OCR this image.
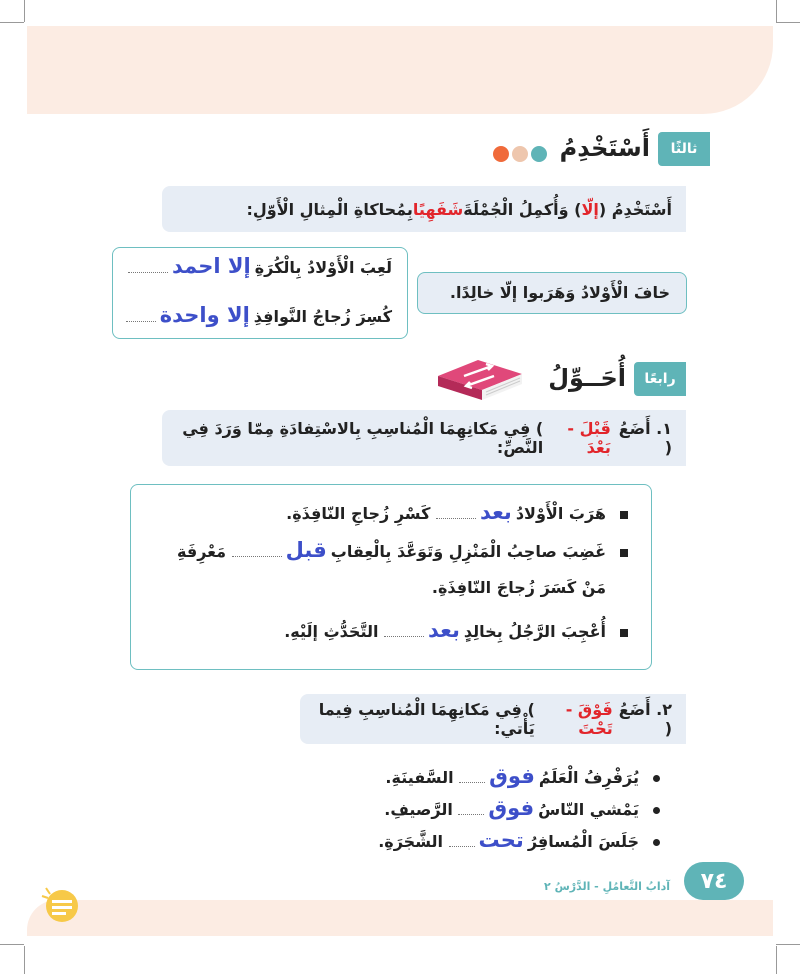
ثالثًا
أَسْتَخْدِمُ
أَسْتَخْدِمُ (
إلّا
) وَأُكمِلُ الْجُمْلَةَ
شَفَهِيًا
بِمُحاكاةِ الْمِثالِ الْأَوّلِ:
خافَ الْأَوْلادُ وَهَرَبوا إلّا خالِدًا.
لَعِبَ الْأَوْلادُ بِالْكُرَةِإلا احمد
كُسِرَ زُجاجُ النَّوافِذِإلا واحدة
رابعًا
أُحَــوِّلُ
١. أَضَعُ (
قَبْلَ - بَعْدَ
) فِي مَكانِهِمَا الْمُناسِبِ بِالاسْتِفادَةِ مِمّا وَرَدَ فِي النَّصِّ:
هَرَبَ الْأَوْلادُبعد كَسْرِ زُجاجِ النّافِذَةِ.
غَضِبَ صاحِبُ الْمَنْزِلِ وَتَوَعَّدَ بِالْعِقابِقبل مَعْرِفَةِ
مَنْ كَسَرَ زُجاجَ النّافِذَةِ.
أُعْجِبَ الرَّجُلُ بِخالِدٍبعد التَّحَدُّثِ إلَيْهِ.
٢. أَضَعُ (
فَوْقَ - تَحْتَ
) فِي مَكانِهِمَا الْمُناسِبِ فِيما يَأْتي:
يُرَفْرِفُ الْعَلَمُفوق السَّفينَةِ.
يَمْشي النّاسُفوق الرَّصيفِ.
جَلَسَ الْمُسافِرُتحت الشَّجَرَةِ.
٧٤
آدابُ التَّعامُلِ - الدَّرْسُ ٢
